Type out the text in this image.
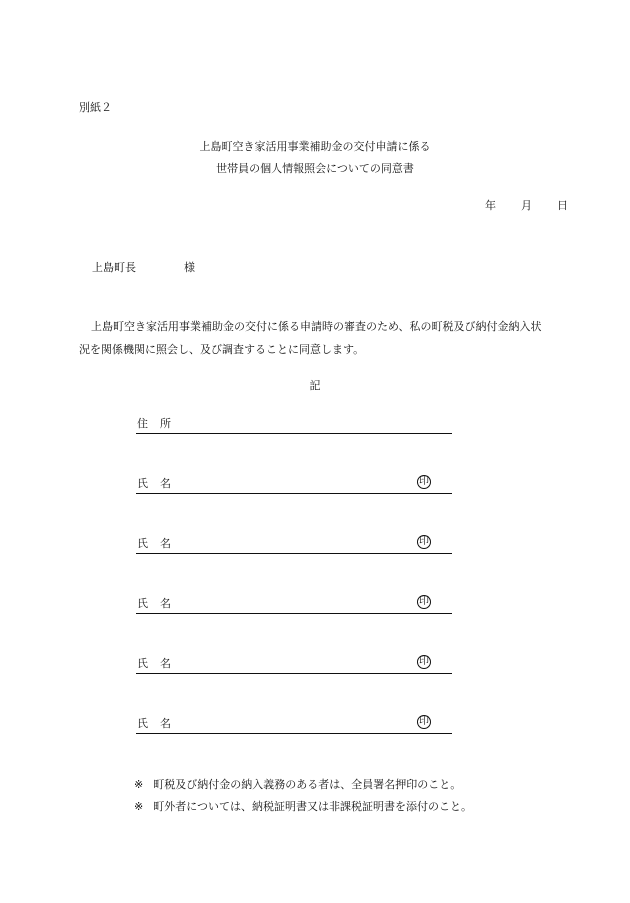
別紙２
上島町空き家活用事業補助金の交付申請に係る
世帯員の個人情報照会についての同意書
年 月 日
上島町長	様
上島町空き家活用事業補助金の交付に係る申請時の審査のため、私の町税及び納付金納入状
況を関係機関に照会し、及び調査することに同意します。
記
住 所
氏 名	印
氏 名	印
氏 名	印
氏 名	印
氏 名	印
※ 町税及び納付金の納入義務のある者は、全員署名押印のこと。
※ 町外者については、納税証明書又は非課税証明書を添付のこと。
